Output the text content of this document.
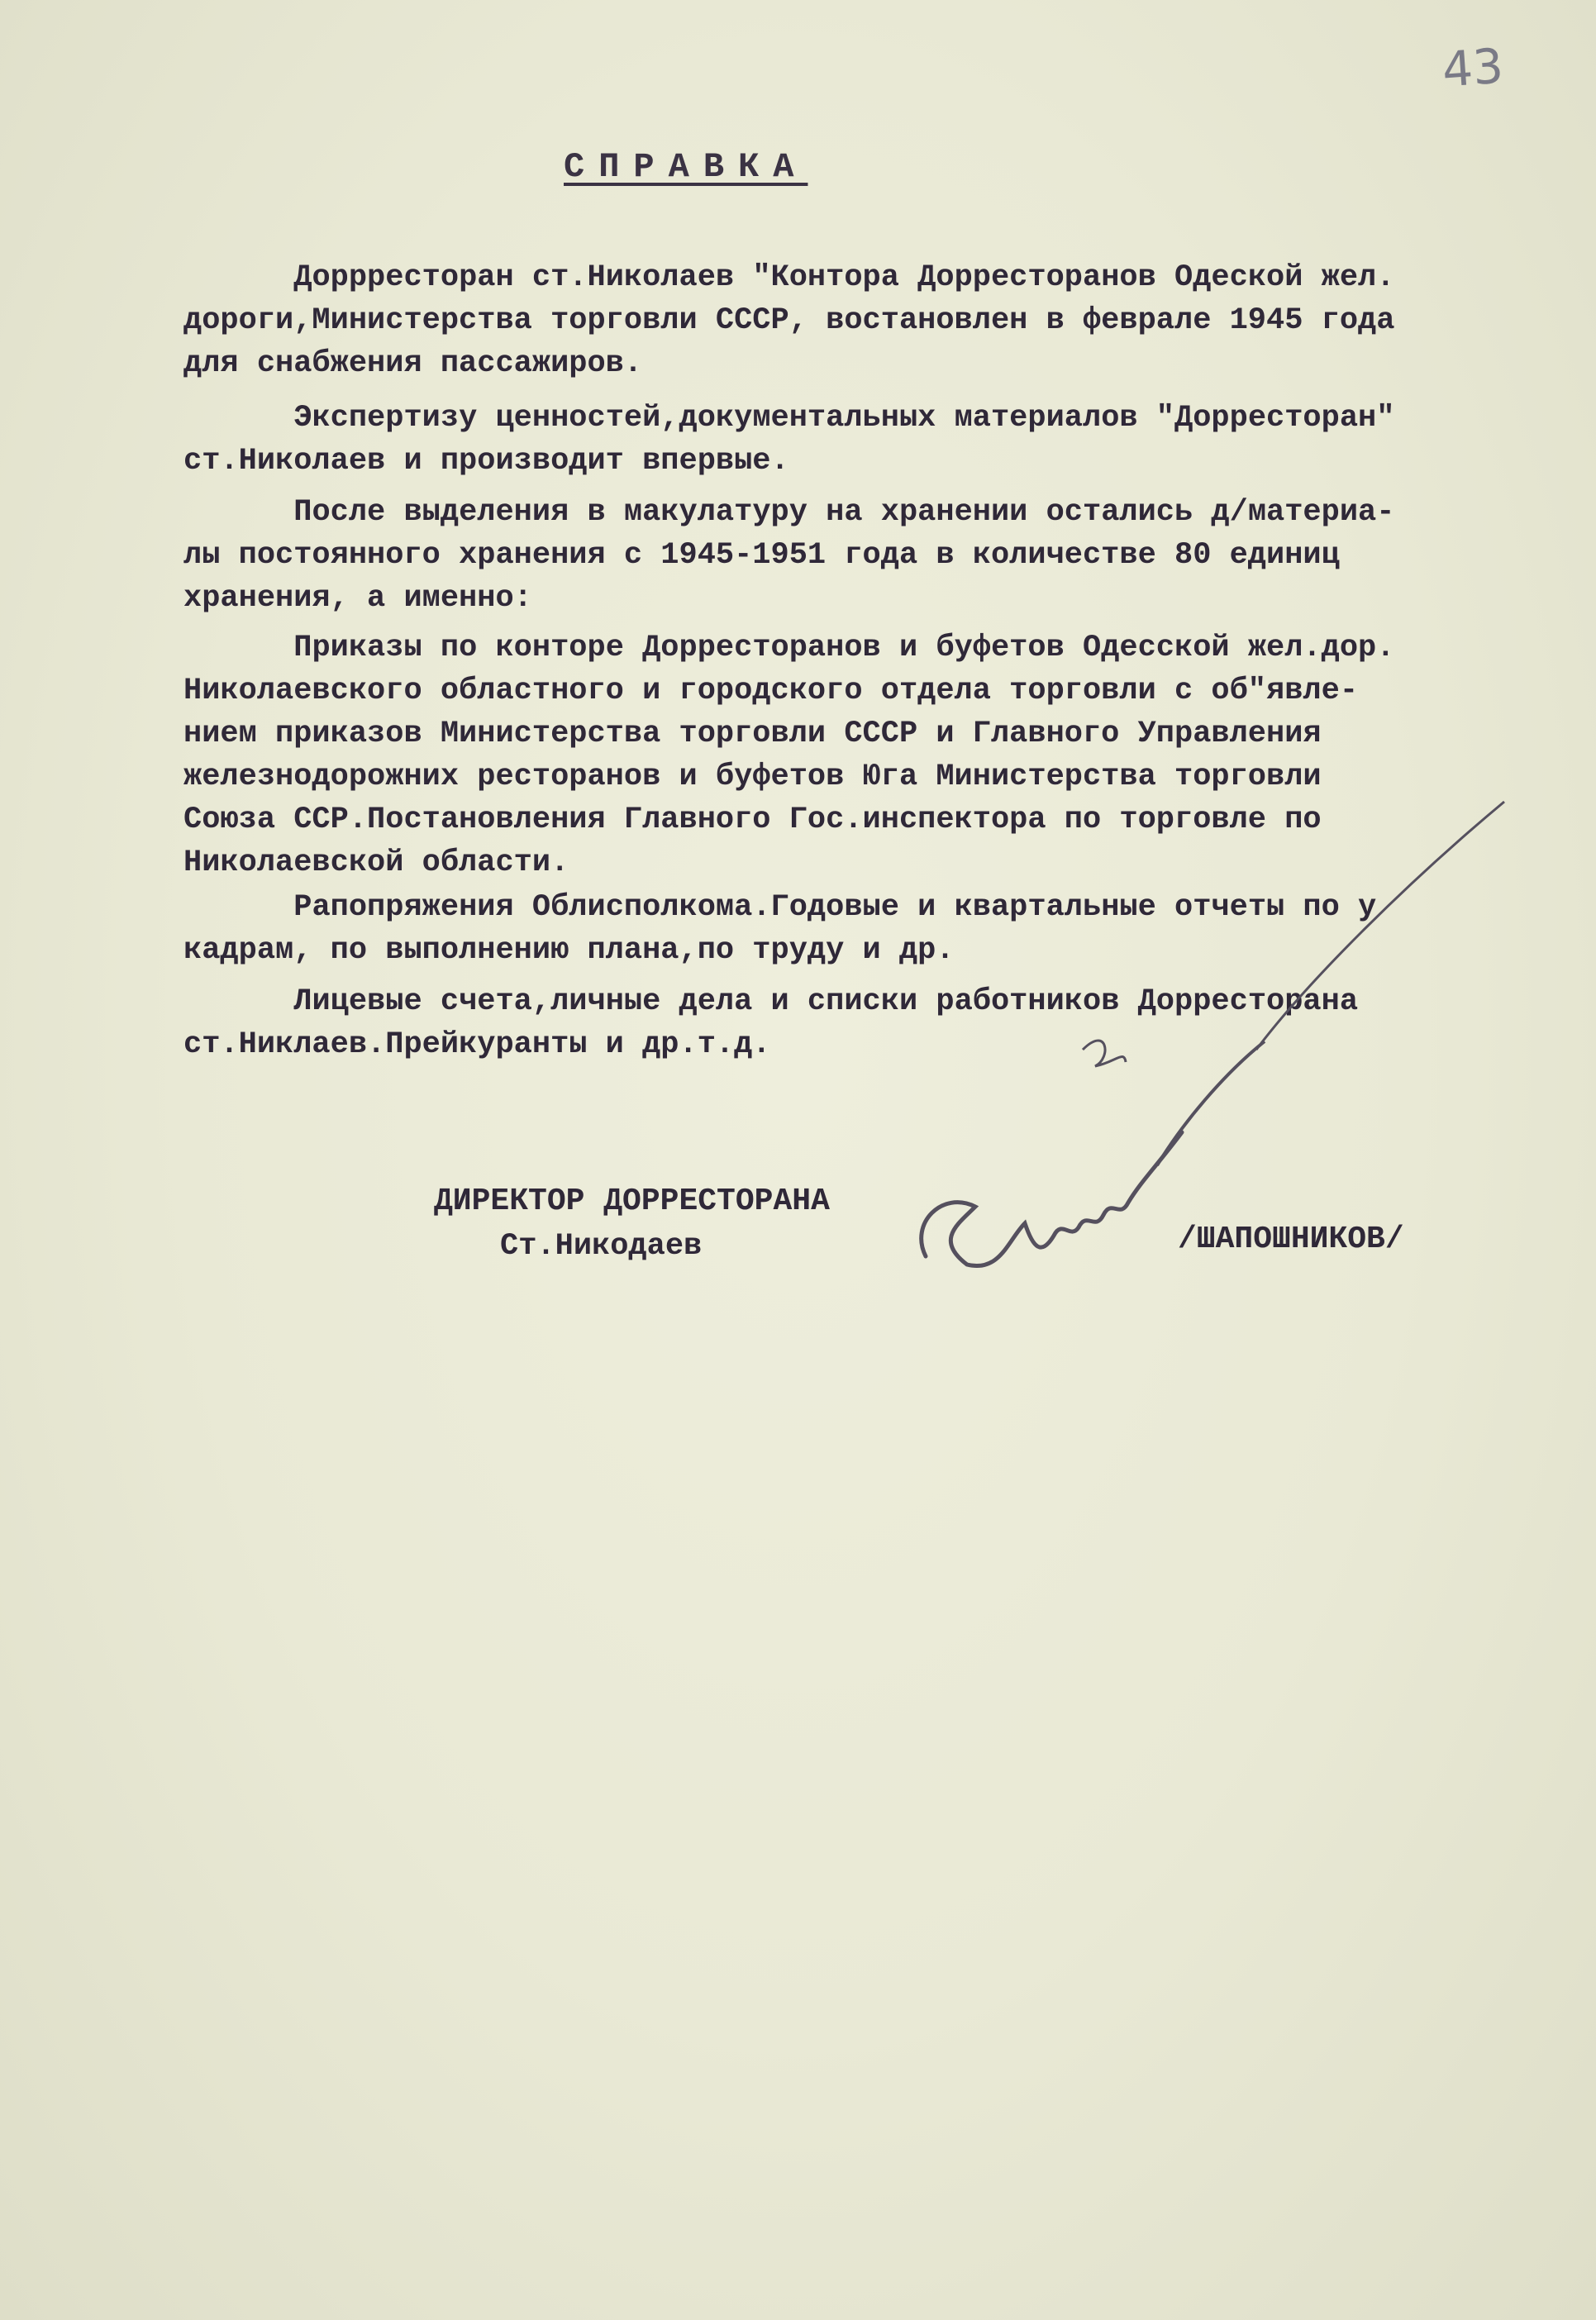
43
СПРАВКА

Доррресторан ст.Николаев "Контора Дорресторанов Одеской жел.
дороги,Министерства торговли СССР, востановлен в феврале 1945 года
для снабжения пассажиров.

Экспертизу ценностей,документальных материалов "Дорресторан"
ст.Николаев и производит впервые.

После выделения в макулатуру на хранении остались д/материа-
лы постоянного хранения с 1945-1951 года в количестве 80 единиц
хранения, а именно:

Приказы по конторе Дорресторанов и буфетов Одесской жел.дор.
Николаевского областного и городского отдела торговли с об"явле-
нием приказов Министерства торговли СССР и Главного Управления
железнодорожних ресторанов и буфетов Юга Министерства торговли
Союза ССР.Постановления Главного Гос.инспектора по торговле по
Николаевской области.

Рапопряжения Облисполкома.Годовые и квартальные отчеты по у
кадрам, по выполнению плана,по труду и др.

Лицевые счета,личные дела и списки работников Дорресторана
ст.Никлаев.Прейкуранты и др.т.д.

ДИРЕКТОР ДОРРЕСТОРАНА
Ст.Никодаев	/ШАПОШНИКОВ/
